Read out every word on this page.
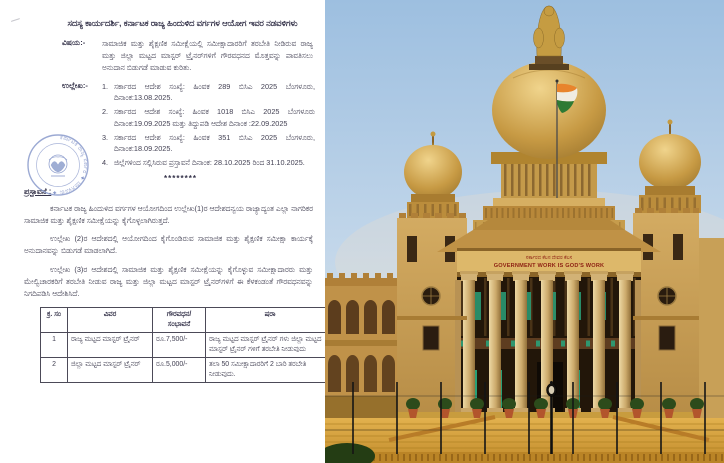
ಸದಸ್ಯ ಕಾರ್ಯದರ್ಶಿ, ಕರ್ನಾಟಕ ರಾಜ್ಯ ಹಿಂದುಳಿದ ವರ್ಗಗಳ ಆಯೋಗ ಇವರ ನಡವಳಿಗಳು
ವಿಷಯ:-	ಸಾಮಾಜಿಕ ಮತ್ತು ಶೈಕ್ಷಣಿಕ ಸಮೀಕ್ಷೆಯಲ್ಲಿ ಸಮೀಕ್ಷಾದಾರರಿಗೆ ತರಬೇತಿ ನೀಡಿರುವ ರಾಜ್ಯ ಮತ್ತು ಜಿಲ್ಲಾ ಮಟ್ಟದ ಮಾಸ್ಟರ್ ಟ್ರೈನರ್‌ಗಳಿಗೆ ಗೌರವಧನದ ಮೊತ್ತವನ್ನು ಪಾವತಿಸಲು ಅನುದಾನ ಬಿಡುಗಡೆ ಮಾಡುವ ಕುರಿತು.
ಉಲ್ಲೇಖ:-	1. ಸರ್ಕಾರದ ಆದೇಶ ಸಂಖ್ಯೆ: ಹಿಂವಕ 289 ಬಿಸಿಎ 2025 ಬೆಂಗಳೂರು, ದಿನಾಂಕ:13.08.2025.
2. ಸರ್ಕಾರದ ಆದೇಶ ಸಂಖ್ಯೆ: ಹಿಂವಕ 1018 ಬಿಸಿಎ 2025 ಬೆಂಗಳೂರು ದಿನಾಂಕ:19.09.2025 ಮತ್ತು ತಿದ್ದುಪಡಿ ಆದೇಶ ದಿನಾಂಕ :22.09.2025
3. ಸರ್ಕಾರದ ಆದೇಶ ಸಂಖ್ಯೆ: ಹಿಂವಕ 351 ಬಿಸಿಎ 2025 ಬೆಂಗಳೂರು, ದಿನಾಂಕ:18.09.2025.
4. ಜಿಲ್ಲೆಗಳಿಂದ ಸಲ್ಲಿಸಿರುವ ಪ್ರಸ್ತಾವನೆ ದಿನಾಂಕ: 28.10.2025 ರಿಂದ 31.10.2025.
ಕರ್ನಾಟಕ ರಾಜ್ಯ ಸರ್ಕಾರ ✦ ಬೆಂಗಳೂರು ✦
********
ಪ್ರಸ್ತಾವನೆ :

ಕರ್ನಾಟಕ ರಾಜ್ಯ ಹಿಂದುಳಿದ ವರ್ಗಗಳ ಆಯೋಗದಿಂದ ಉಲ್ಲೇಖ(1)ರ ಆದೇಶದನ್ವಯ ರಾಜ್ಯಾದ್ಯಂತ ಎಲ್ಲಾ ನಾಗರಿಕರ ಸಾಮಾಜಿಕ ಮತ್ತು ಶೈಕ್ಷಣಿಕ ಸಮೀಕ್ಷೆಯನ್ನು ಕೈಗೊಳ್ಳಲಾಗಿರುತ್ತದೆ.

ಉಲ್ಲೇಖ (2)ರ ಆದೇಶದಲ್ಲಿ ಆಯೋಗದಿಂದ ಕೈಗೊಂಡಿರುವ ಸಾಮಾಜಿಕ ಮತ್ತು ಶೈಕ್ಷಣಿಕ ಸಮೀಕ್ಷಾ ಕಾರ್ಯಕ್ಕೆ ಅನುದಾನವನ್ನು ಬಿಡುಗಡೆ ಮಾಡಲಾಗಿದೆ.

ಉಲ್ಲೇಖ (3)ರ ಆದೇಶದಲ್ಲಿ ಸಾಮಾಜಿಕ ಮತ್ತು ಶೈಕ್ಷಣಿಕ ಸಮೀಕ್ಷೆಯನ್ನು ಕೈಗೊಳ್ಳುವ ಸಮೀಕ್ಷಾದಾರರು ಮತ್ತು ಮೇಲ್ವಿಚಾರಕರಿಗೆ ತರಬೇತಿ ನೀಡುವ ರಾಜ್ಯ ಮತ್ತು ಜಿಲ್ಲಾ ಮಟ್ಟದ ಮಾಸ್ಟರ್ ಟ್ರೈನರ್‌ಗಳಿಗೆ ಈ ಕೆಳಕಂಡಂತೆ ಗೌರವಧನವನ್ನು ನಿಗದಿಪಡಿಸಿ ಆದೇಶಿಸಿದೆ.

ಕ್ರ. ಸಂ	ವಿವರ	ಗೌರವಧನ/ ಸಂಭಾವನೆ	ಷರಾ
1	ರಾಜ್ಯ ಮಟ್ಟದ ಮಾಸ್ಟರ್ ಟ್ರೈನರ್	ರೂ.7,500/-	ರಾಜ್ಯ ಮಟ್ಟದ ಮಾಸ್ಟರ್ ಟ್ರೈನರ್ ಗಳು ಜಿಲ್ಲಾ ಮಟ್ಟದ ಮಾಸ್ಟರ್ ಟ್ರೈನರ್ ಗಳಿಗೆ ತರಬೇತಿ ನೀಡುವುದು
2	ಜಿಲ್ಲಾ ಮಟ್ಟದ ಮಾಸ್ಟರ್ ಟ್ರೈನರ್	ರೂ.5,000/-	ತಲಾ 50 ಸಮೀಕ್ಷಾದಾರರಿಗೆ 2 ಬಾರಿ ತರಬೇತಿ ನೀಡುವುದು.
ಸರ್ಕಾರದ ಕೆಲಸ ದೇವರ ಕೆಲಸ
GOVERNMENT WORK IS GOD'S WORK
